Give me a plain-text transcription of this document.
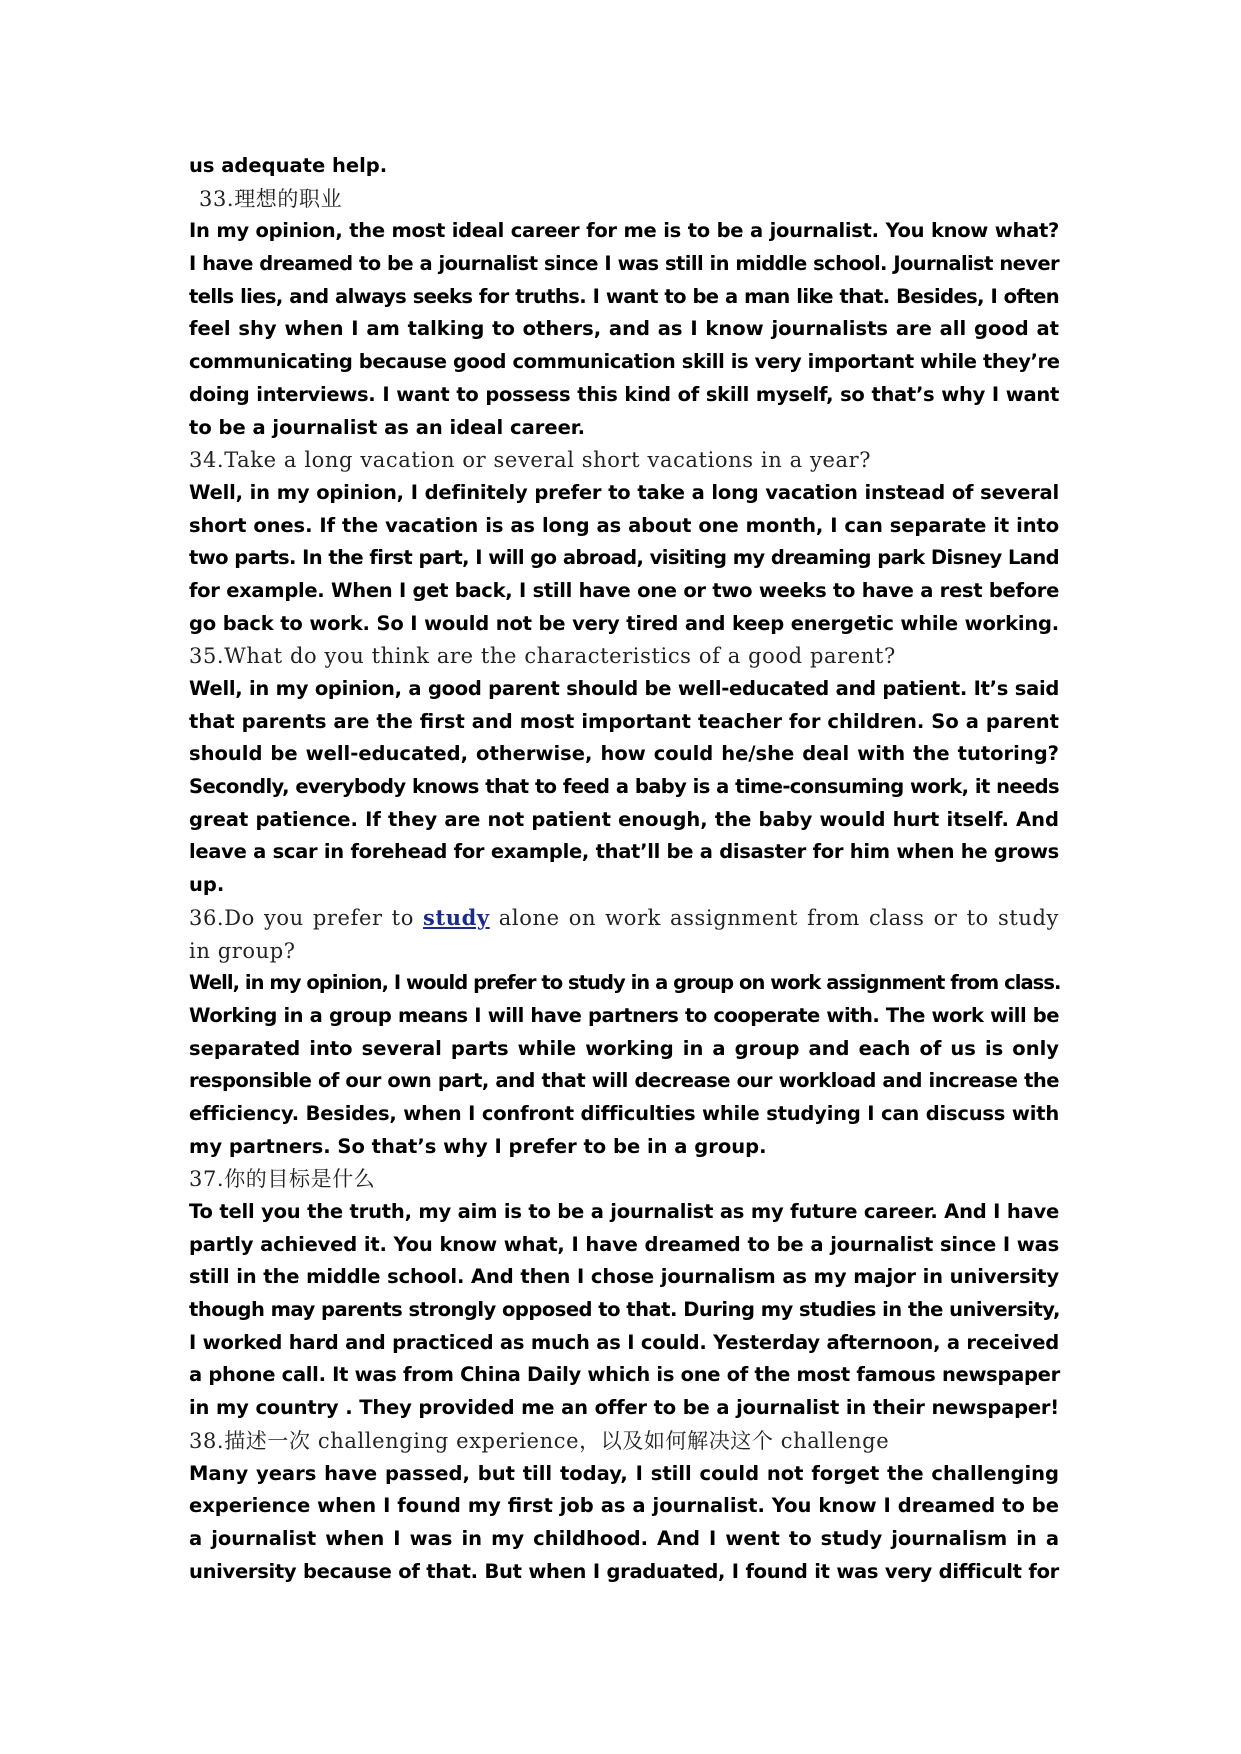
us adequate help.
33.理想的职业
In my opinion, the most ideal career for me is to be a journalist. You know what?
I have dreamed to be a journalist since I was still in middle school. Journalist never
tells lies, and always seeks for truths. I want to be a man like that. Besides, I often
feel shy when I am talking to others, and as I know journalists are all good at
communicating because good communication skill is very important while they’re
doing interviews. I want to possess this kind of skill myself, so that’s why I want
to be a journalist as an ideal career.
34.Take a long vacation or several short vacations in a year?
Well, in my opinion, I definitely prefer to take a long vacation instead of several
short ones. If the vacation is as long as about one month, I can separate it into
two parts. In the first part, I will go abroad, visiting my dreaming park Disney Land
for example. When I get back, I still have one or two weeks to have a rest before
go back to work. So I would not be very tired and keep energetic while working.
35.What do you think are the characteristics of a good parent?
Well, in my opinion, a good parent should be well-educated and patient. It’s said
that parents are the first and most important teacher for children. So a parent
should be well-educated, otherwise, how could he/she deal with the tutoring?
Secondly, everybody knows that to feed a baby is a time-consuming work, it needs
great patience. If they are not patient enough, the baby would hurt itself. And
leave a scar in forehead for example, that’ll be a disaster for him when he grows
up.
36.Do you prefer to study alone on work assignment from class or to study
in group?
Well, in my opinion, I would prefer to study in a group on work assignment from class.
Working in a group means I will have partners to cooperate with. The work will be
separated into several parts while working in a group and each of us is only
responsible of our own part, and that will decrease our workload and increase the
efficiency. Besides, when I confront difficulties while studying I can discuss with
my partners. So that’s why I prefer to be in a group.
37.你的目标是什么
To tell you the truth, my aim is to be a journalist as my future career. And I have
partly achieved it. You know what, I have dreamed to be a journalist since I was
still in the middle school. And then I chose journalism as my major in university
though may parents strongly opposed to that. During my studies in the university,
I worked hard and practiced as much as I could. Yesterday afternoon, a received
a phone call. It was from China Daily which is one of the most famous newspaper
in my country . They provided me an offer to be a journalist in their newspaper!
38.描述一次 challenging experience，以及如何解决这个 challenge
Many years have passed, but till today, I still could not forget the challenging
experience when I found my first job as a journalist. You know I dreamed to be
a journalist when I was in my childhood. And I went to study journalism in a
university because of that. But when I graduated, I found it was very difficult for
